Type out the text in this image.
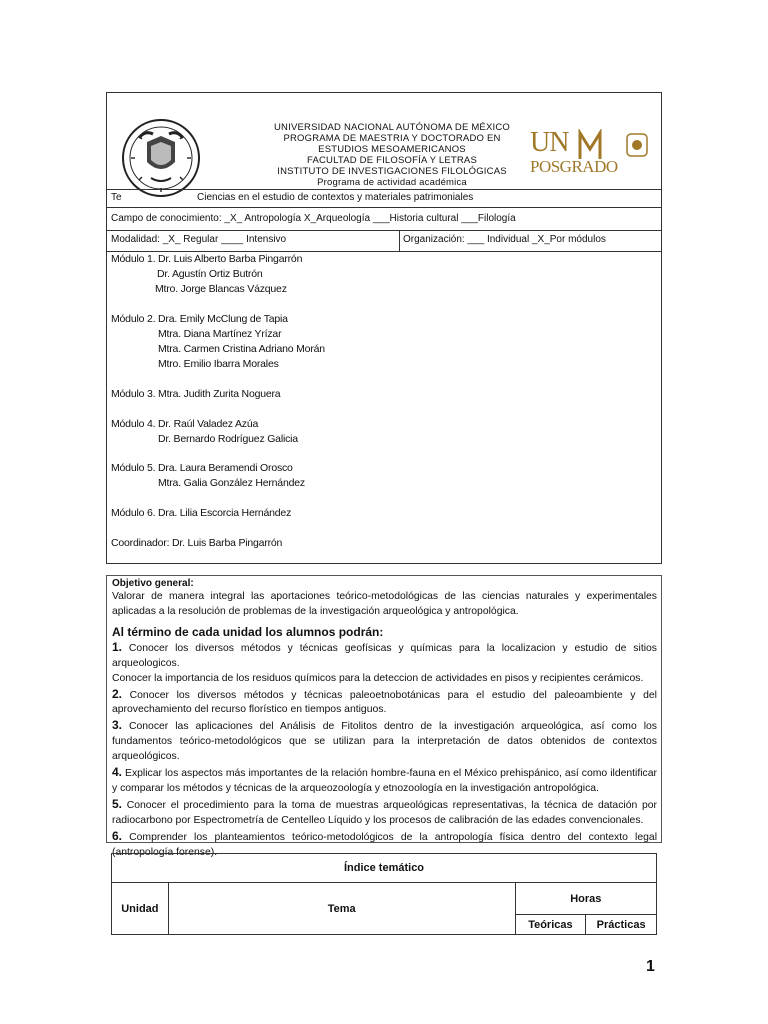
UN
POSGRADO
UNIVERSIDAD NACIONAL AUTÓNOMA DE MÉXICO
PROGRAMA DE MAESTRIA Y DOCTORADO EN
ESTUDIOS MESOAMERICANOS
FACULTAD DE FILOSOFÍA Y LETRAS
INSTITUTO DE INVESTIGACIONES FILOLÓGICAS
Programa de actividad académica
Te	Ciencias en el estudio de contextos y materiales patrimoniales
Campo de conocimiento: _X_ Antropología X_Arqueología ___Historia cultural ___Filología
Modalidad: _X_ Regular ____ Intensivo	Organización: ___ Individual _X_Por módulos
Módulo 1. Dr. Luis Alberto Barba Pingarrón
Dr. Agustín Ortiz Butrón
Mtro. Jorge Blancas Vázquez
Módulo 2. Dra. Emily McClung de Tapia
Mtra. Diana Martínez Yrízar
Mtra. Carmen Cristina Adriano Morán
Mtro. Emilio Ibarra Morales
Módulo 3. Mtra. Judith Zurita Noguera
Módulo 4. Dr. Raúl Valadez Azúa
Dr. Bernardo Rodríguez Galicia
Módulo 5. Dra. Laura Beramendi Orosco
Mtra. Galia González Hernández
Módulo 6. Dra. Lilia Escorcia Hernández
Coordinador: Dr. Luis Barba Pingarrón

Objetivo general:

Valorar de manera integral las aportaciones teórico-metodológicas de las ciencias naturales y experimentales aplicadas a la resolución de problemas de la investigación arqueológica y antropológica.

Al término de cada unidad los alumnos podrán:

1. Conocer los diversos métodos y técnicas geofísicas y químicas para la localizacion y estudio de sitios arqueologicos.

Conocer la importancia de los residuos químicos para la deteccion de actividades en pisos y recipientes cerámicos.

2. Conocer los diversos métodos y técnicas paleoetnobotánicas para el estudio del paleoambiente y del aprovechamiento del recurso florístico en tiempos antiguos.

3. Conocer las aplicaciones del Análisis de Fitolitos dentro de la investigación arqueológica, así como los fundamentos teórico-metodológicos que se utilizan para la interpretación de datos obtenidos de contextos arqueológicos.

4. Explicar los aspectos más importantes de la relación hombre-fauna en el México prehispánico, así como ildentificar y comparar los métodos y técnicas de la arqueozoología y etnozoología en la investigación antropológica.

5. Conocer el procedimiento para la toma de muestras arqueológicas representativas, la técnica de datación por radiocarbono por Espectrometría de Centelleo Líquido y los procesos de calibración de las edades convencionales.

6. Comprender los planteamientos teórico-metodológicos de la antropología física dentro del contexto legal (antropología forense).

Índice temático			
Unidad	Tema	Horas	
		Teóricas	Prácticas
1
